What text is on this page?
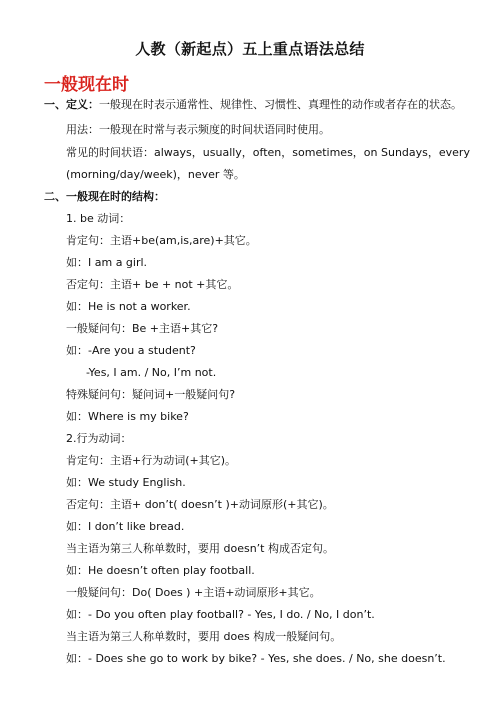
人教（新起点）五上重点语法总结
一般现在时
一、定义：一般现在时表示通常性、规律性、习惯性、真理性的动作或者存在的状态。
用法：一般现在时常与表示频度的时间状语同时使用。
常见的时间状语：always，usually，often，sometimes，on Sundays，every
(morning/day/week)，never 等。
二、一般现在时的结构：
1. be 动词：
肯定句：主语+be(am,is,are)+其它。
如：I am a girl.
否定句：主语+ be + not +其它。
如：He is not a worker.
一般疑问句：Be +主语+其它?
如：-Are you a student?
-Yes, I am. / No, I’m not.
特殊疑问句：疑问词+一般疑问句?
如：Where is my bike?
2.行为动词：
肯定句：主语+行为动词(+其它)。
如：We study English.
否定句：主语+ don’t( doesn’t )+动词原形(+其它)。
如：I don’t like bread.
当主语为第三人称单数时，要用 doesn’t 构成否定句。
如：He doesn’t often play football.
一般疑问句：Do( Does ) +主语+动词原形+其它。
如：- Do you often play football? - Yes, I do. / No, I don’t.
当主语为第三人称单数时，要用 does 构成一般疑问句。
如：- Does she go to work by bike? - Yes, she does. / No, she doesn’t.
